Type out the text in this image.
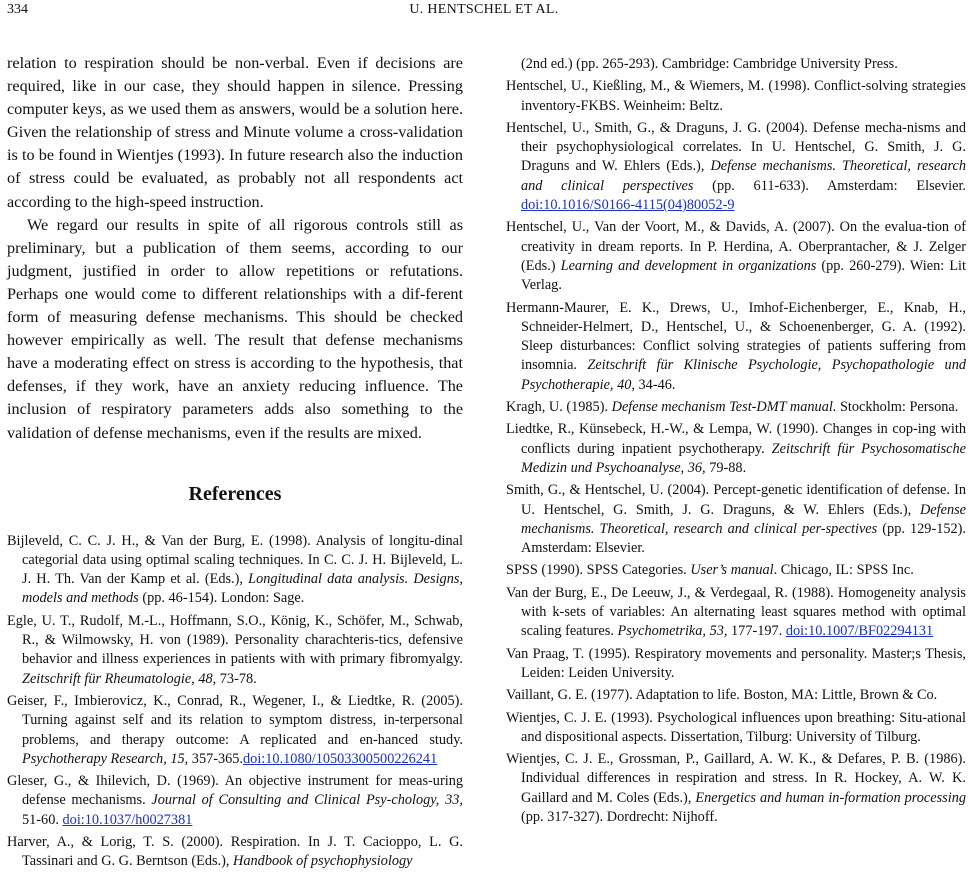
334	U. HENTSCHEL ET AL.

relation to respiration should be non-verbal. Even if decisions are required, like in our case, they should happen in silence. Pressing computer keys, as we used them as answers, would be a solution here. Given the relationship of stress and Minute volume a cross-validation is to be found in Wientjes (1993). In future research also the induction of stress could be evaluated, as probably not all respondents act according to the high-speed instruction.

We regard our results in spite of all rigorous controls still as preliminary, but a publication of them seems, according to our judgment, justified in order to allow repetitions or refutations. Perhaps one would come to different relationships with a dif-ferent form of measuring defense mechanisms. This should be checked however empirically as well. The result that defense mechanisms have a moderating effect on stress is according to the hypothesis, that defenses, if they work, have an anxiety reducing influence. The inclusion of respiratory parameters adds also something to the validation of defense mechanisms, even if the results are mixed.

References

Bijleveld, C. C. J. H., & Van der Burg, E. (1998). Analysis of longitu-dinal categorial data using optimal scaling techniques. In C. C. J. H. Bijleveld, L. J. H. Th. Van der Kamp et al. (Eds.), Longitudinal data analysis. Designs, models and methods (pp. 46-154). London: Sage.

Egle, U. T., Rudolf, M.-L., Hoffmann, S.O., König, K., Schöfer, M., Schwab, R., & Wilmowsky, H. von (1989). Personality charachteris-tics, defensive behavior and illness experiences in patients with with primary fibromyalgy. Zeitschrift für Rheumatologie, 48, 73-78.

Geiser, F., Imbierovicz, K., Conrad, R., Wegener, I., & Liedtke, R. (2005). Turning against self and its relation to symptom distress, in-terpersonal problems, and therapy outcome: A replicated and en-hanced study. Psychotherapy Research, 15, 357-365.doi:10.1080/10503300500226241

Gleser, G., & Ihilevich, D. (1969). An objective instrument for meas-uring defense mechanisms. Journal of Consulting and Clinical Psy-chology, 33, 51-60. doi:10.1037/h0027381

Harver, A., & Lorig, T. S. (2000). Respiration. In J. T. Cacioppo, L. G. Tassinari and G. G. Berntson (Eds.), Handbook of psychophysiology

(2nd ed.) (pp. 265-293). Cambridge: Cambridge University Press.

Hentschel, U., Kießling, M., & Wiemers, M. (1998). Conflict-solving strategies inventory-FKBS. Weinheim: Beltz.

Hentschel, U., Smith, G., & Draguns, J. G. (2004). Defense mecha-nisms and their psychophysiological correlates. In U. Hentschel, G. Smith, J. G. Draguns and W. Ehlers (Eds.), Defense mechanisms. Theoretical, research and clinical perspectives (pp. 611-633). Amsterdam: Elsevier. doi:10.1016/S0166-4115(04)80052-9

Hentschel, U., Van der Voort, M., & Davids, A. (2007). On the evalua-tion of creativity in dream reports. In P. Herdina, A. Oberprantacher, & J. Zelger (Eds.) Learning and development in organizations (pp. 260-279). Wien: Lit Verlag.

Hermann-Maurer, E. K., Drews, U., Imhof-Eichenberger, E., Knab, H., Schneider-Helmert, D., Hentschel, U., & Schoenenberger, G. A. (1992). Sleep disturbances: Conflict solving strategies of patients suffering from insomnia. Zeitschrift für Klinische Psychologie, Psychopathologie und Psychotherapie, 40, 34-46.

Kragh, U. (1985). Defense mechanism Test-DMT manual. Stockholm: Persona.

Liedtke, R., Künsebeck, H.-W., & Lempa, W. (1990). Changes in cop-ing with conflicts during inpatient psychotherapy. Zeitschrift für Psychosomatische Medizin und Psychoanalyse, 36, 79-88.

Smith, G., & Hentschel, U. (2004). Percept-genetic identification of defense. In U. Hentschel, G. Smith, J. G. Draguns, & W. Ehlers (Eds.), Defense mechanisms. Theoretical, research and clinical per-spectives (pp. 129-152). Amsterdam: Elsevier.

SPSS (1990). SPSS Categories. User’s manual. Chicago, IL: SPSS Inc.

Van der Burg, E., De Leeuw, J., & Verdegaal, R. (1988). Homogeneity analysis with k-sets of variables: An alternating least squares method with optimal scaling features. Psychometrika, 53, 177-197. doi:10.1007/BF02294131

Van Praag, T. (1995). Respiratory movements and personality. Master;s Thesis, Leiden: Leiden University.

Vaillant, G. E. (1977). Adaptation to life. Boston, MA: Little, Brown & Co.

Wientjes, C. J. E. (1993). Psychological influences upon breathing: Situ-ational and dispositional aspects. Dissertation, Tilburg: University of Tilburg.

Wientjes, C. J. E., Grossman, P., Gaillard, A. W. K., & Defares, P. B. (1986). Individual differences in respiration and stress. In R. Hockey, A. W. K. Gaillard and M. Coles (Eds.), Energetics and human in-formation processing (pp. 317-327). Dordrecht: Nijhoff.
